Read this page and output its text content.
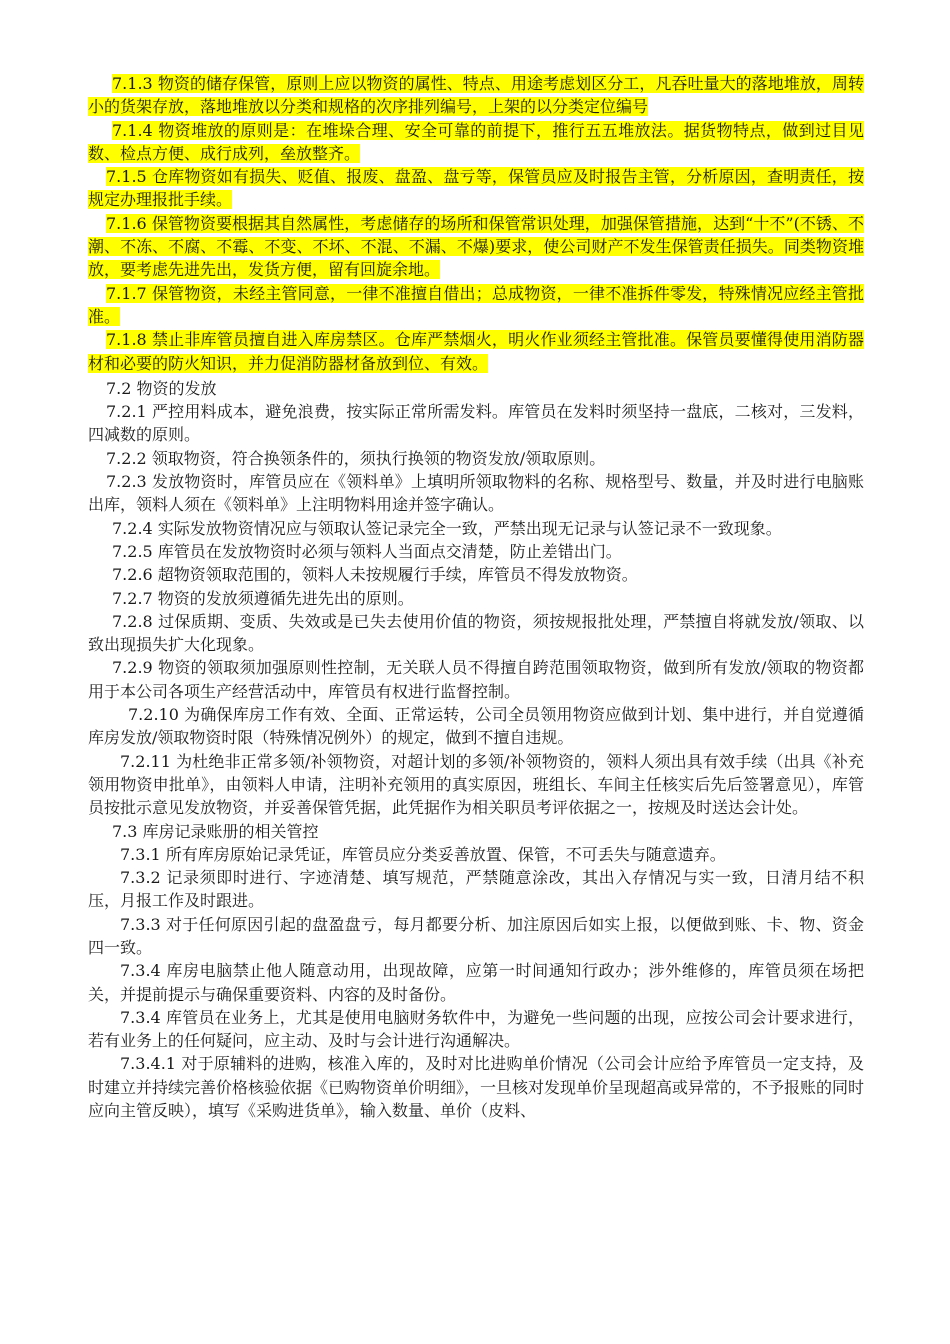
7.1.3 物资的储存保管，原则上应以物资的属性、特点、用途考虑划区分工，凡吞吐量大的落地堆放，周转小的货架存放，落地堆放以分类和规格的次序排列编号，上架的以分类定位编号

7.1.4 物资堆放的原则是：在堆垛合理、安全可靠的前提下，推行五五堆放法。据货物特点，做到过目见数、检点方便、成行成列，垒放整齐。

7.1.5 仓库物资如有损失、贬值、报废、盘盈、盘亏等，保管员应及时报告主管，分析原因，查明责任，按规定办理报批手续。

7.1.6 保管物资要根据其自然属性，考虑储存的场所和保管常识处理，加强保管措施，达到“十不”(不锈、不潮、不冻、不腐、不霉、不变、不坏、不混、不漏、不爆)要求，使公司财产不发生保管责任损失。同类物资堆放，要考虑先进先出，发货方便，留有回旋余地。

7.1.7 保管物资，未经主管同意，一律不准擅自借出；总成物资，一律不准拆件零发，特殊情况应经主管批准。

7.1.8 禁止非库管员擅自进入库房禁区。仓库严禁烟火，明火作业须经主管批准。保管员要懂得使用消防器材和必要的防火知识，并力促消防器材备放到位、有效。

7.2 物资的发放

7.2.1 严控用料成本，避免浪费，按实际正常所需发料。库管员在发料时须坚持一盘底，二核对，三发料，四减数的原则。

7.2.2 领取物资，符合换领条件的，须执行换领的物资发放/领取原则。

7.2.3 发放物资时，库管员应在《领料单》上填明所领取物料的名称、规格型号、数量，并及时进行电脑账出库，领料人须在《领料单》上注明物料用途并签字确认。

7.2.4 实际发放物资情况应与领取认签记录完全一致，严禁出现无记录与认签记录不一致现象。

7.2.5 库管员在发放物资时必须与领料人当面点交清楚，防止差错出门。

7.2.6 超物资领取范围的，领料人未按规履行手续，库管员不得发放物资。

7.2.7 物资的发放须遵循先进先出的原则。

7.2.8 过保质期、变质、失效或是已失去使用价值的物资，须按规报批处理，严禁擅自将就发放/领取、以致出现损失扩大化现象。

7.2.9 物资的领取须加强原则性控制，无关联人员不得擅自跨范围领取物资，做到所有发放/领取的物资都用于本公司各项生产经营活动中，库管员有权进行监督控制。

7.2.10 为确保库房工作有效、全面、正常运转，公司全员领用物资应做到计划、集中进行，并自觉遵循库房发放/领取物资时限（特殊情况例外）的规定，做到不擅自违规。

7.2.11 为杜绝非正常多领/补领物资，对超计划的多领/补领物资的，领料人须出具有效手续（出具《补充领用物资申批单》，由领料人申请，注明补充领用的真实原因，班组长、车间主任核实后先后签署意见），库管员按批示意见发放物资，并妥善保管凭据，此凭据作为相关职员考评依据之一，按规及时送达会计处。

7.3 库房记录账册的相关管控

7.3.1 所有库房原始记录凭证，库管员应分类妥善放置、保管，不可丢失与随意遗弃。

7.3.2 记录须即时进行、字迹清楚、填写规范，严禁随意涂改，其出入存情况与实一致，日清月结不积压，月报工作及时跟进。

7.3.3 对于任何原因引起的盘盈盘亏，每月都要分析、加注原因后如实上报，以便做到账、卡、物、资金四一致。

7.3.4 库房电脑禁止他人随意动用，出现故障，应第一时间通知行政办；涉外维修的，库管员须在场把关，并提前提示与确保重要资料、内容的及时备份。

7.3.4 库管员在业务上，尤其是使用电脑财务软件中，为避免一些问题的出现，应按公司会计要求进行，若有业务上的任何疑问，应主动、及时与会计进行沟通解决。

7.3.4.1 对于原辅料的进购，核准入库的，及时对比进购单价情况（公司会计应给予库管员一定支持，及时建立并持续完善价格核验依据《已购物资单价明细》，一旦核对发现单价呈现超高或异常的，不予报账的同时应向主管反映），填写《采购进货单》，输入数量、单价（皮料、
